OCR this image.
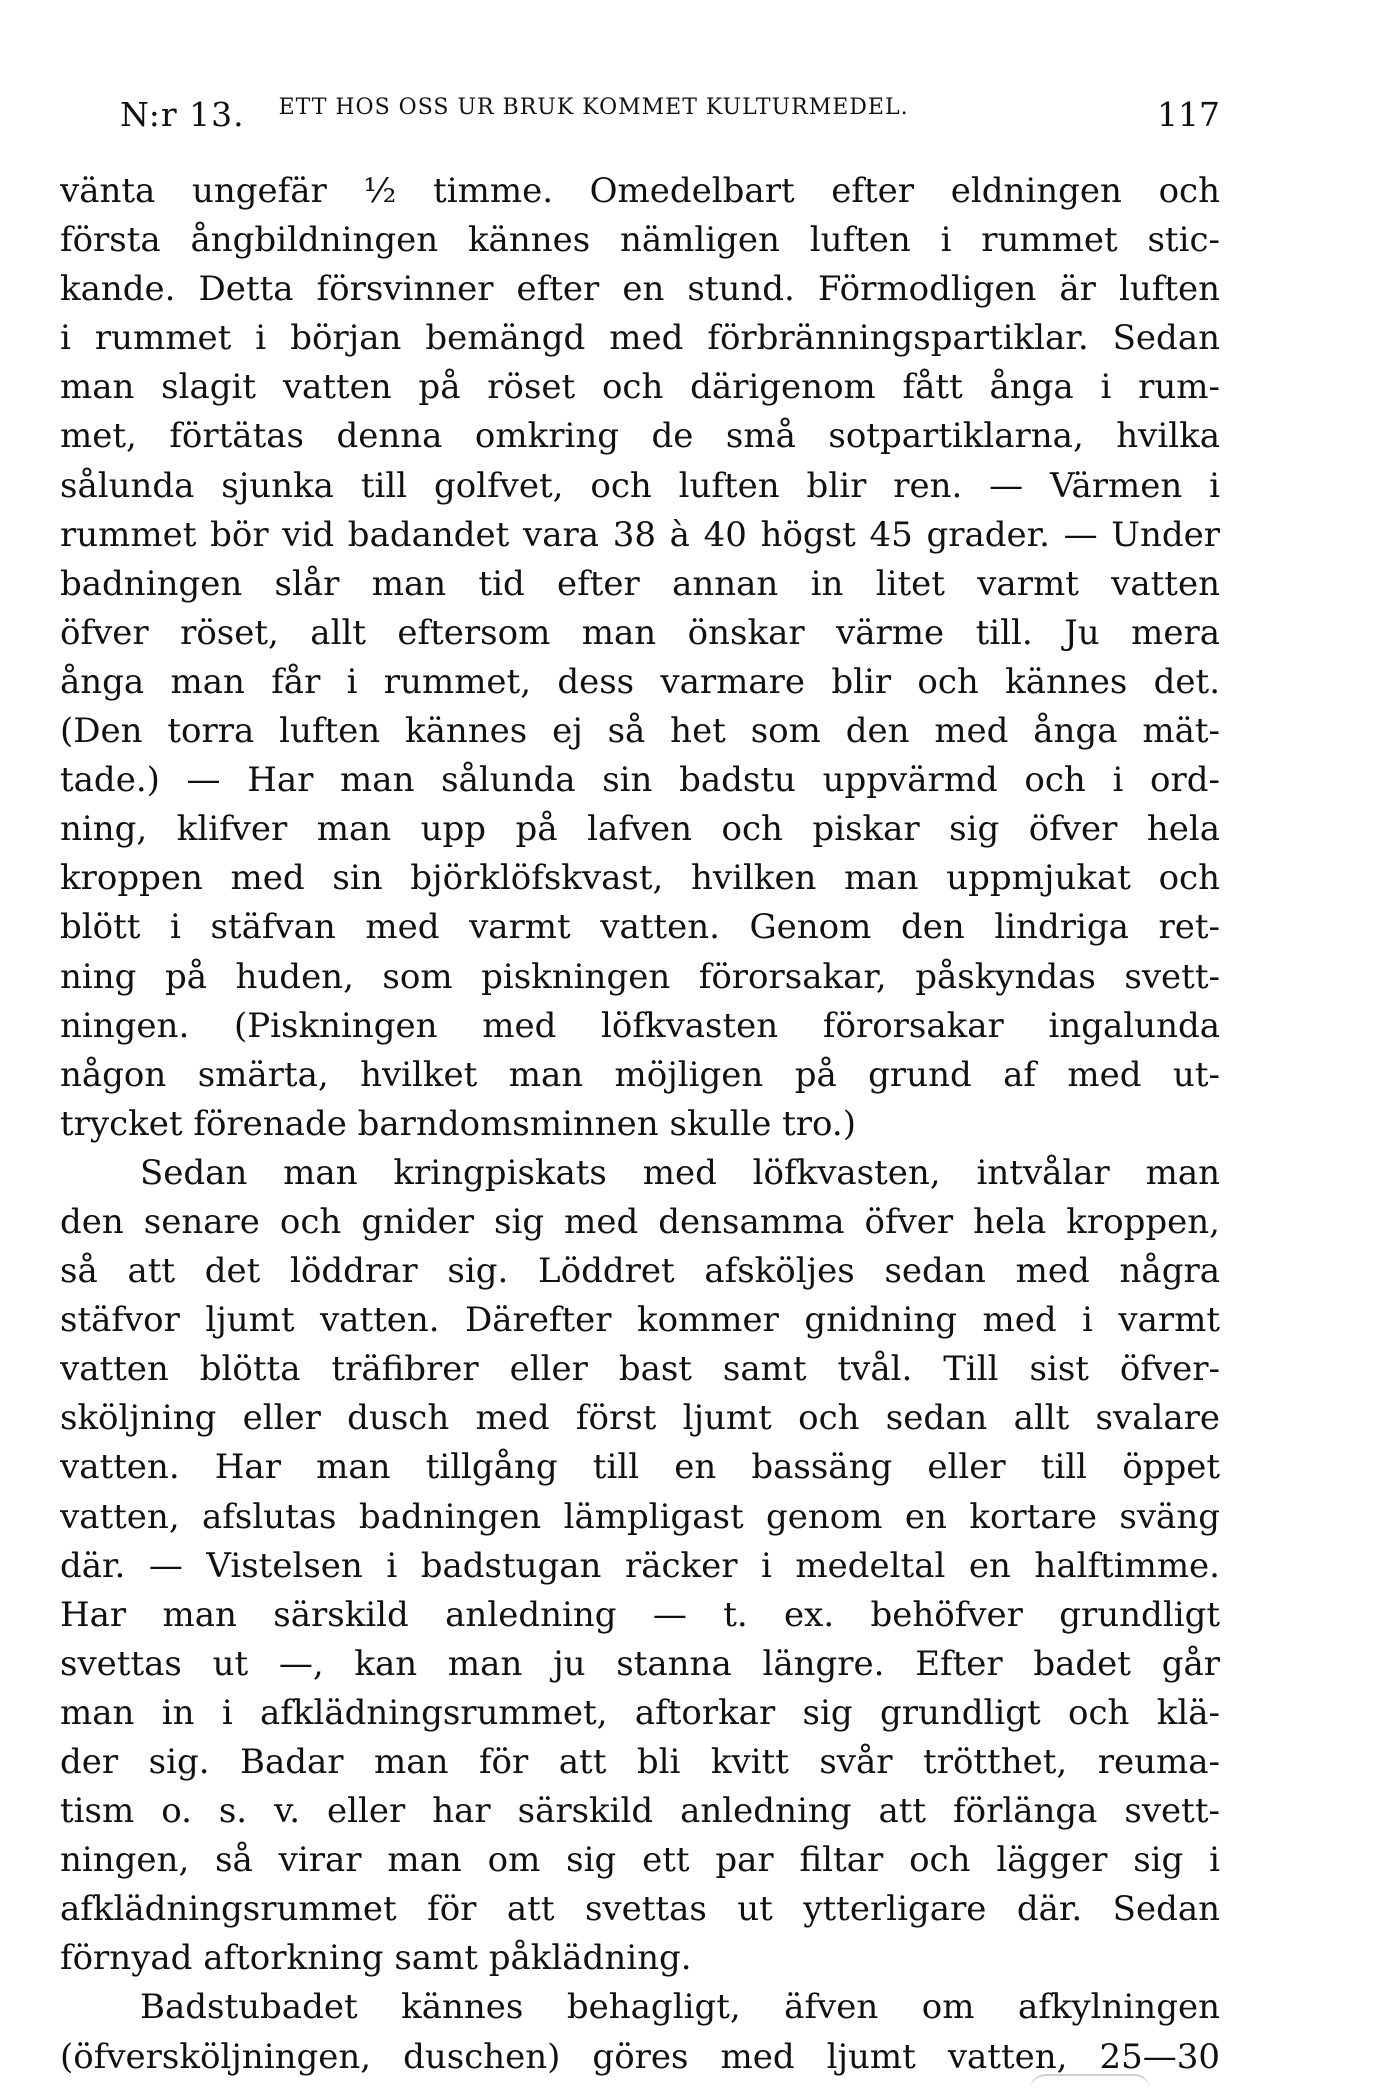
N:r 13. ETT HOS OSS UR BRUK KOMMET KULTURMEDEL.	117
vänta ungefär ½ timme. Omedelbart efter eldningen och
första ångbildningen kännes nämligen luften i rummet stic-
kande. Detta försvinner efter en stund. Förmodligen är luften
i rummet i början bemängd med förbränningspartiklar. Sedan
man slagit vatten på röset och därigenom fått ånga i rum-
met, förtätas denna omkring de små sotpartiklarna, hvilka
sålunda sjunka till golfvet, och luften blir ren. — Värmen i
rummet bör vid badandet vara 38 à 40 högst 45 grader. — Under
badningen slår man tid efter annan in litet varmt vatten
öfver röset, allt eftersom man önskar värme till. Ju mera
ånga man får i rummet, dess varmare blir och kännes det.
(Den torra luften kännes ej så het som den med ånga mät-
tade.) — Har man sålunda sin badstu uppvärmd och i ord-
ning, klifver man upp på lafven och piskar sig öfver hela
kroppen med sin björklöfskvast, hvilken man uppmjukat och
blött i stäfvan med varmt vatten. Genom den lindriga ret-
ning på huden, som piskningen förorsakar, påskyndas svett-
ningen. (Piskningen med löfkvasten förorsakar ingalunda
någon smärta, hvilket man möjligen på grund af med ut-
trycket förenade barndomsminnen skulle tro.)
Sedan man kringpiskats med löfkvasten, intvålar man
den senare och gnider sig med densamma öfver hela kroppen,
så att det löddrar sig. Löddret afsköljes sedan med några
stäfvor ljumt vatten. Därefter kommer gnidning med i varmt
vatten blötta träfibrer eller bast samt tvål. Till sist öfver-
sköljning eller dusch med först ljumt och sedan allt svalare
vatten. Har man tillgång till en bassäng eller till öppet
vatten, afslutas badningen lämpligast genom en kortare sväng
där. — Vistelsen i badstugan räcker i medeltal en halftimme.
Har man särskild anledning — t. ex. behöfver grundligt
svettas ut —, kan man ju stanna längre. Efter badet går
man in i afklädningsrummet, aftorkar sig grundligt och klä-
der sig. Badar man för att bli kvitt svår trötthet, reuma-
tism o. s. v. eller har särskild anledning att förlänga svett-
ningen, så virar man om sig ett par filtar och lägger sig i
afklädningsrummet för att svettas ut ytterligare där. Sedan
förnyad aftorkning samt påklädning.
Badstubadet kännes behagligt, äfven om afkylningen
(öfversköljningen, duschen) göres med ljumt vatten, 25—30
